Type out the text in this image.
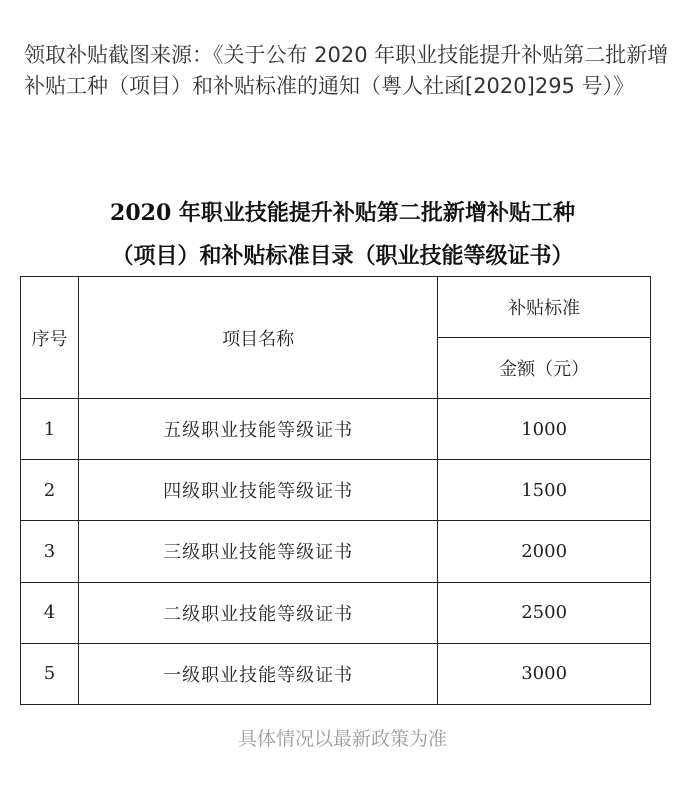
领取补贴截图来源：《关于公布 2020 年职业技能提升补贴第二批新增补贴工种（项目）和补贴标准的通知（粤人社函[2020]295 号）》
2020 年职业技能提升补贴第二批新增补贴工种
（项目）和补贴标准目录（职业技能等级证书）
序号	项目名称	补贴标准
		金额（元）
1	五级职业技能等级证书	1000
2	四级职业技能等级证书	1500
3	三级职业技能等级证书	2000
4	二级职业技能等级证书	2500
5	一级职业技能等级证书	3000
具体情况以最新政策为准
